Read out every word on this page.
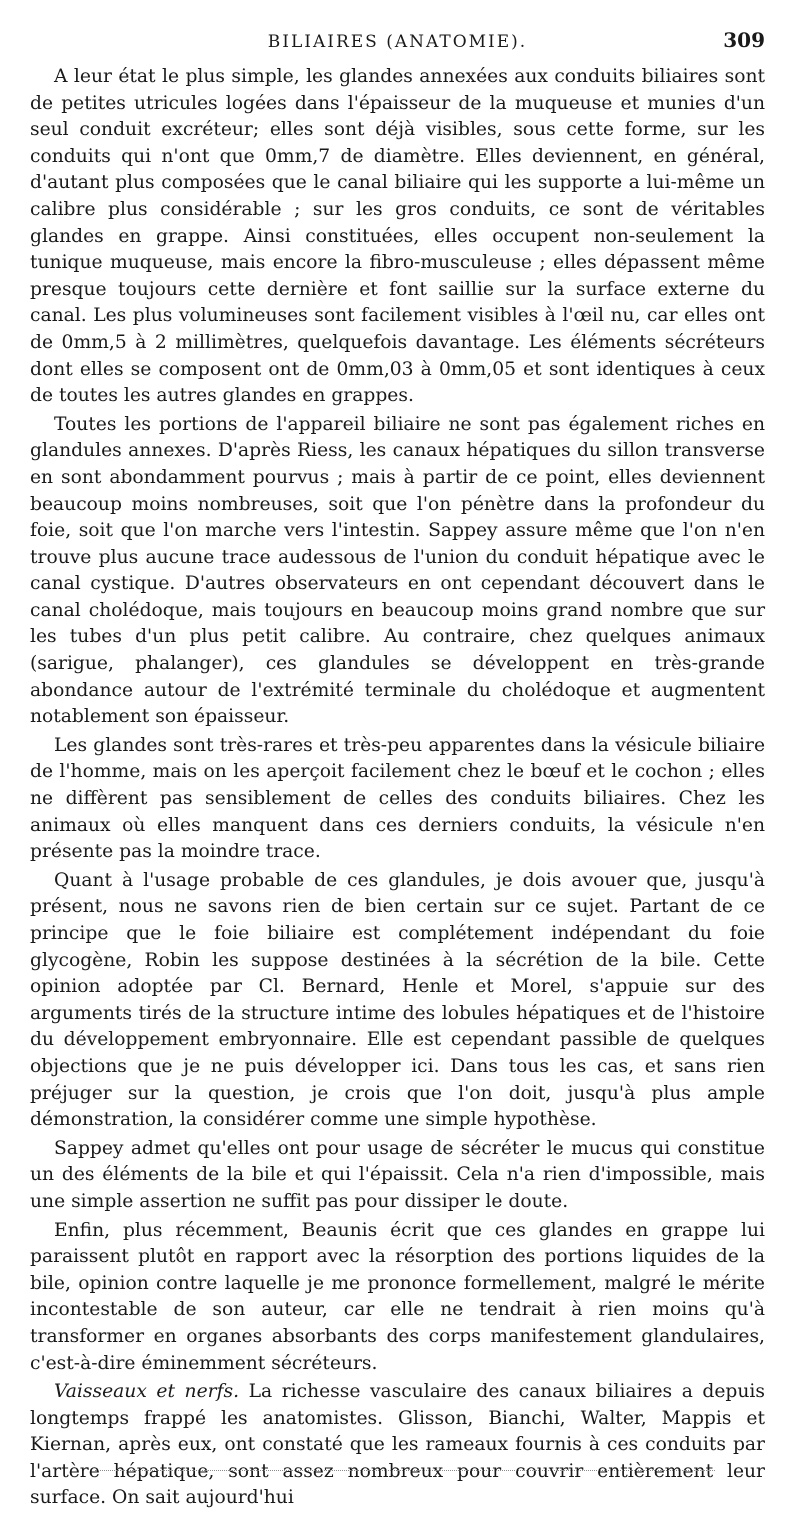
BILIAIRES (ANATOMIE).	309

A leur état le plus simple, les glandes annexées aux conduits biliaires sont de petites utricules logées dans l'épaisseur de la muqueuse et munies d'un seul conduit excréteur; elles sont déjà visibles, sous cette forme, sur les conduits qui n'ont que 0mm,7 de diamètre. Elles deviennent, en général, d'autant plus composées que le canal biliaire qui les supporte a lui-même un calibre plus considérable ; sur les gros conduits, ce sont de véritables glandes en grappe. Ainsi constituées, elles occupent non-seulement la tunique muqueuse, mais encore la fibro-musculeuse ; elles dépassent même presque toujours cette dernière et font saillie sur la surface externe du canal. Les plus volumineuses sont facilement visibles à l'œil nu, car elles ont de 0mm,5 à 2 millimètres, quelquefois davantage. Les éléments sécréteurs dont elles se composent ont de 0mm,03 à 0mm,05 et sont identiques à ceux de toutes les autres glandes en grappes.

Toutes les portions de l'appareil biliaire ne sont pas également riches en glandules annexes. D'après Riess, les canaux hépatiques du sillon transverse en sont abondamment pourvus ; mais à partir de ce point, elles deviennent beaucoup moins nombreuses, soit que l'on pénètre dans la profondeur du foie, soit que l'on marche vers l'intestin. Sappey assure même que l'on n'en trouve plus aucune trace audessous de l'union du conduit hépatique avec le canal cystique. D'autres observateurs en ont cependant découvert dans le canal cholédoque, mais toujours en beaucoup moins grand nombre que sur les tubes d'un plus petit calibre. Au contraire, chez quelques animaux (sarigue, phalanger), ces glandules se développent en très-grande abondance autour de l'extrémité terminale du cholédoque et augmentent notablement son épaisseur.

Les glandes sont très-rares et très-peu apparentes dans la vésicule biliaire de l'homme, mais on les aperçoit facilement chez le bœuf et le cochon ; elles ne diffèrent pas sensiblement de celles des conduits biliaires. Chez les animaux où elles manquent dans ces derniers conduits, la vésicule n'en présente pas la moindre trace.

Quant à l'usage probable de ces glandules, je dois avouer que, jusqu'à présent, nous ne savons rien de bien certain sur ce sujet. Partant de ce principe que le foie biliaire est complétement indépendant du foie glycogène, Robin les suppose destinées à la sécrétion de la bile. Cette opinion adoptée par Cl. Bernard, Henle et Morel, s'appuie sur des arguments tirés de la structure intime des lobules hépatiques et de l'histoire du développement embryonnaire. Elle est cependant passible de quelques objections que je ne puis développer ici. Dans tous les cas, et sans rien préjuger sur la question, je crois que l'on doit, jusqu'à plus ample démonstration, la considérer comme une simple hypothèse.

Sappey admet qu'elles ont pour usage de sécréter le mucus qui constitue un des éléments de la bile et qui l'épaissit. Cela n'a rien d'impossible, mais une simple assertion ne suffit pas pour dissiper le doute.

Enfin, plus récemment, Beaunis écrit que ces glandes en grappe lui paraissent plutôt en rapport avec la résorption des portions liquides de la bile, opinion contre laquelle je me prononce formellement, malgré le mérite incontestable de son auteur, car elle ne tendrait à rien moins qu'à transformer en organes absorbants des corps manifestement glandulaires, c'est-à-dire éminemment sécréteurs.

Vaisseaux et nerfs. La richesse vasculaire des canaux biliaires a depuis longtemps frappé les anatomistes. Glisson, Bianchi, Walter, Mappis et Kiernan, après eux, ont constaté que les rameaux fournis à ces conduits par l'artère hépatique, sont assez nombreux pour couvrir entièrement leur surface. On sait aujourd'hui
